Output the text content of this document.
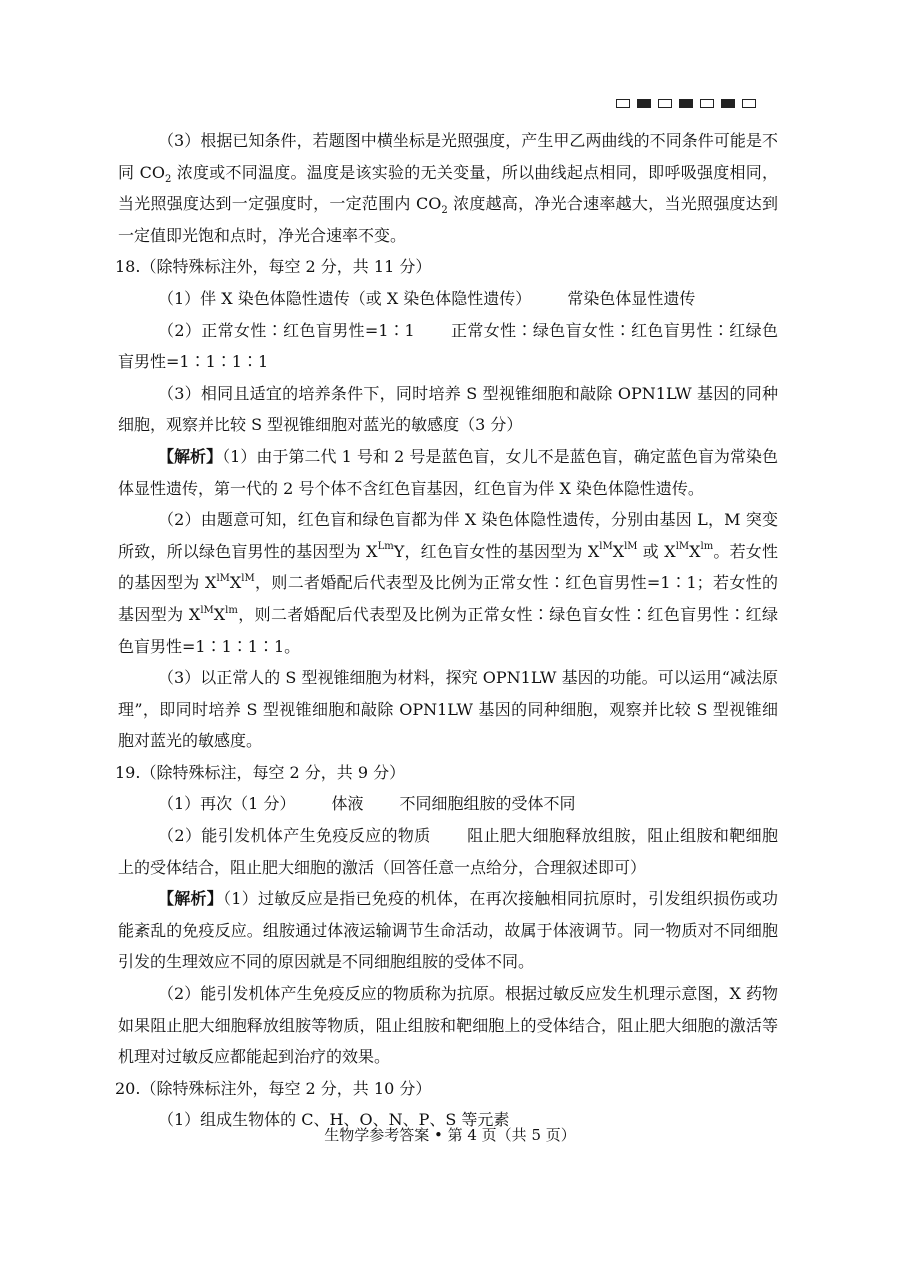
（3）根据已知条件，若题图中横坐标是光照强度，产生甲乙两曲线的不同条件可能是不同 $CO_2$ 浓度或不同温度。温度是该实验的无关变量，所以曲线起点相同，即呼吸强度相同，当光照强度达到一定强度时，一定范围内 $CO_2$ 浓度越高，净光合速率越大，当光照强度达到一定值即光饱和点时，净光合速率不变。

18.（除特殊标注外，每空 2 分，共 11 分）

（1）伴 X 染色体隐性遗传（或 X 染色体隐性遗传） 常染色体显性遗传

（2）正常女性∶红色盲男性=1∶1 正常女性∶绿色盲女性∶红色盲男性∶红绿色盲男性=1∶1∶1∶1

（3）相同且适宜的培养条件下，同时培养 S 型视锥细胞和敲除 OPN1LW 基因的同种细胞，观察并比较 S 型视锥细胞对蓝光的敏感度（3 分）

【解析】（1）由于第二代 1 号和 2 号是蓝色盲，女儿不是蓝色盲，确定蓝色盲为常染色体显性遗传，第一代的 2 号个体不含红色盲基因，红色盲为伴 X 染色体隐性遗传。

（2）由题意可知，红色盲和绿色盲都为伴 X 染色体隐性遗传，分别由基因 L，M 突变所致，所以绿色盲男性的基因型为 $X^{Lm}Y$，红色盲女性的基因型为 $X^{lM}X^{lM}$ 或 $X^{lM}X^{lm}$。若女性的基因型为 $X^{lM}X^{lM}$，则二者婚配后代表型及比例为正常女性∶红色盲男性=1∶1；若女性的基因型为 $X^{lM}X^{lm}$，则二者婚配后代表型及比例为正常女性∶绿色盲女性∶红色盲男性∶红绿色盲男性=1∶1∶1∶1。

（3）以正常人的 S 型视锥细胞为材料，探究 OPN1LW 基因的功能。可以运用“减法原理”，即同时培养 S 型视锥细胞和敲除 OPN1LW 基因的同种细胞，观察并比较 S 型视锥细胞对蓝光的敏感度。

19.（除特殊标注，每空 2 分，共 9 分）

（1）再次（1 分） 体液 不同细胞组胺的受体不同

（2）能引发机体产生免疫反应的物质 阻止肥大细胞释放组胺，阻止组胺和靶细胞上的受体结合，阻止肥大细胞的激活（回答任意一点给分，合理叙述即可）

【解析】（1）过敏反应是指已免疫的机体，在再次接触相同抗原时，引发组织损伤或功能紊乱的免疫反应。组胺通过体液运输调节生命活动，故属于体液调节。同一物质对不同细胞引发的生理效应不同的原因就是不同细胞组胺的受体不同。

（2）能引发机体产生免疫反应的物质称为抗原。根据过敏反应发生机理示意图，X 药物如果阻止肥大细胞释放组胺等物质，阻止组胺和靶细胞上的受体结合，阻止肥大细胞的激活等机理对过敏反应都能起到治疗的效果。

20.（除特殊标注外，每空 2 分，共 10 分）

（1）组成生物体的 C、H、O、N、P、S 等元素

生物学参考答案 • 第 4 页（共 5 页）
